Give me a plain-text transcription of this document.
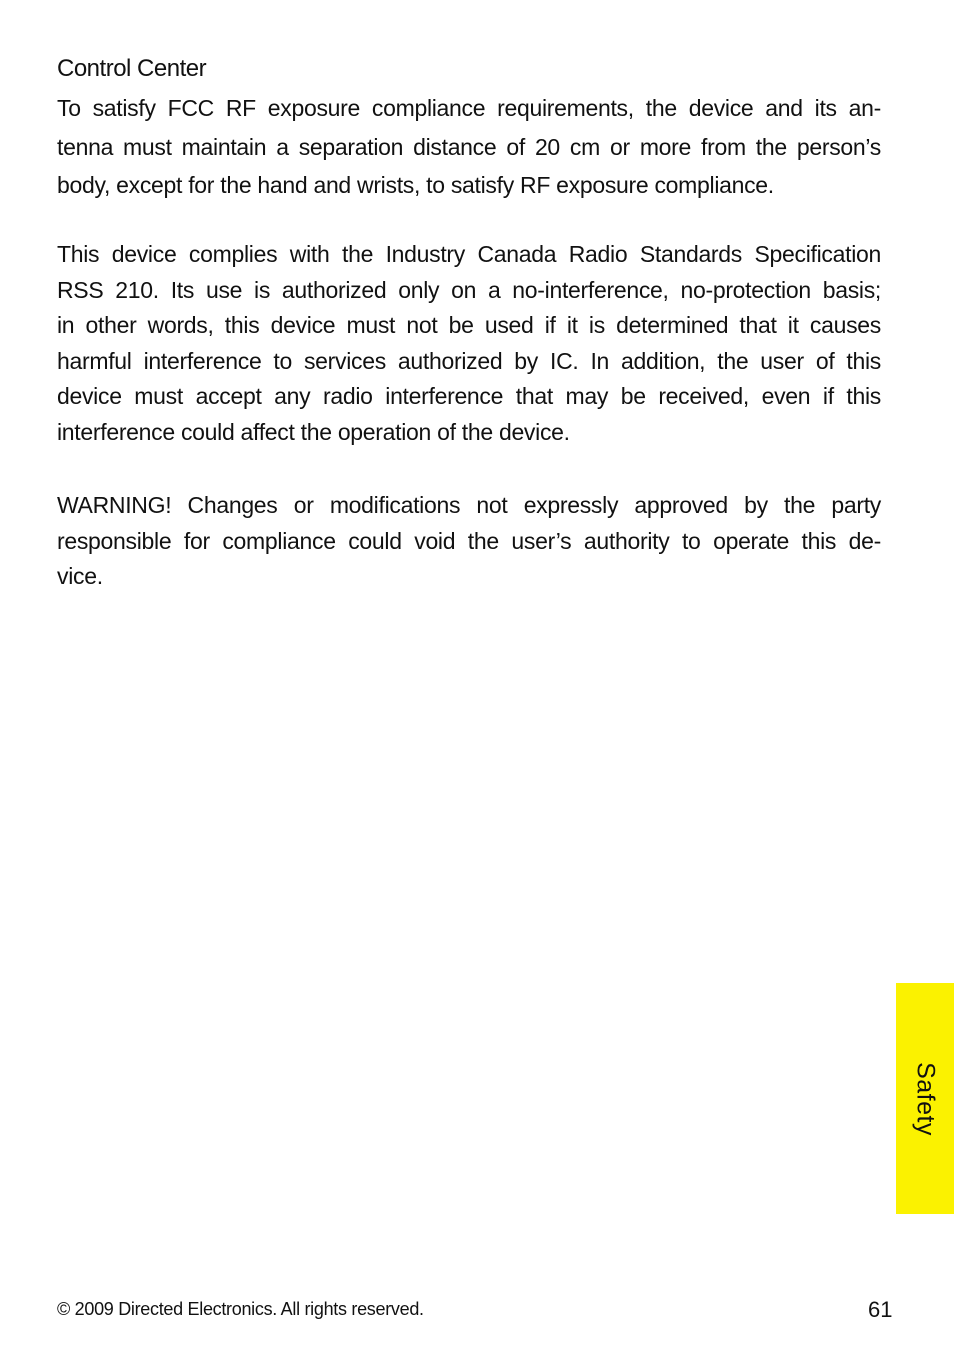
Control Center

To satisfy FCC RF exposure compliance requirements, the device and its an-
tenna must maintain a separation distance of 20 cm or more from the person’s
body, except for the hand and wrists, to satisfy RF exposure compliance.

This device complies with the Industry Canada Radio Standards Specification
RSS 210. Its use is authorized only on a no-interference, no-protection basis;
in other words, this device must not be used if it is determined that it causes
harmful interference to services authorized by IC. In addition, the user of this
device must accept any radio interference that may be received, even if this
interference could affect the operation of the device.

WARNING! Changes or modifications not expressly approved by the party
responsible for compliance could void the user’s authority to operate this de-
vice.

Safety
© 2009 Directed Electronics. All rights reserved.	61
